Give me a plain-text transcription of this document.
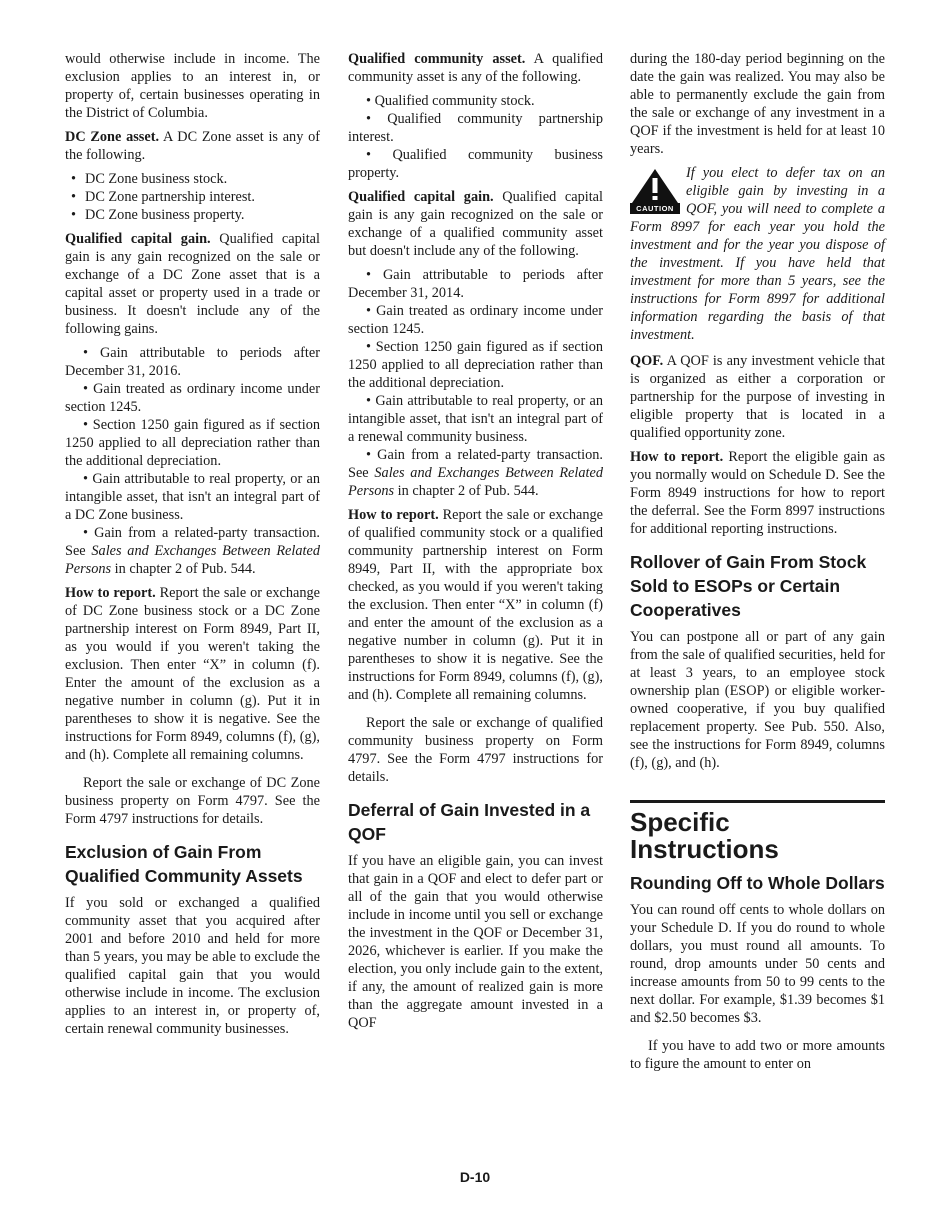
would otherwise include in income. The exclusion applies to an interest in, or property of, certain businesses operating in the District of Columbia.

DC Zone asset. A DC Zone asset is any of the following.

• DC Zone business stock.
• DC Zone partnership interest.
• DC Zone business property.

Qualified capital gain. Qualified capital gain is any gain recognized on the sale or exchange of a DC Zone asset that is a capital asset or property used in a trade or business. It doesn't include any of the following gains.

• Gain attributable to periods after December 31, 2016.
• Gain treated as ordinary income under section 1245.
• Section 1250 gain figured as if section 1250 applied to all depreciation rather than the additional depreciation.
• Gain attributable to real property, or an intangible asset, that isn't an integral part of a DC Zone business.
• Gain from a related-party transaction. See Sales and Exchanges Between Related Persons in chapter 2 of Pub. 544.

How to report. Report the sale or exchange of DC Zone business stock or a DC Zone partnership interest on Form 8949, Part II, as you would if you weren't taking the exclusion. Then enter “X” in column (f). Enter the amount of the exclusion as a negative number in column (g). Put it in parentheses to show it is negative. See the instructions for Form 8949, columns (f), (g), and (h). Complete all remaining columns.

Report the sale or exchange of DC Zone business property on Form 4797. See the Form 4797 instructions for details.

Exclusion of Gain From Qualified Community Assets

If you sold or exchanged a qualified community asset that you acquired after 2001 and before 2010 and held for more than 5 years, you may be able to exclude the qualified capital gain that you would otherwise include in income. The exclusion applies to an interest in, or property of, certain renewal community businesses.

Qualified community asset. A qualified community asset is any of the following.

• Qualified community stock.
• Qualified community partnership interest.
• Qualified community business property.

Qualified capital gain. Qualified capital gain is any gain recognized on the sale or exchange of a qualified community asset but doesn't include any of the following.

• Gain attributable to periods after December 31, 2014.
• Gain treated as ordinary income under section 1245.
• Section 1250 gain figured as if section 1250 applied to all depreciation rather than the additional depreciation.
• Gain attributable to real property, or an intangible asset, that isn't an integral part of a renewal community business.
• Gain from a related-party transaction. See Sales and Exchanges Between Related Persons in chapter 2 of Pub. 544.

How to report. Report the sale or exchange of qualified community stock or a qualified community partnership interest on Form 8949, Part II, with the appropriate box checked, as you would if you weren't taking the exclusion. Then enter “X” in column (f) and enter the amount of the exclusion as a negative number in column (g). Put it in parentheses to show it is negative. See the instructions for Form 8949, columns (f), (g), and (h). Complete all remaining columns.

Report the sale or exchange of qualified community business property on Form 4797. See the Form 4797 instructions for details.

Deferral of Gain Invested in a QOF

If you have an eligible gain, you can invest that gain in a QOF and elect to defer part or all of the gain that you would otherwise include in income until you sell or exchange the investment in the QOF or December 31, 2026, whichever is earlier. If you make the election, you only include gain to the extent, if any, the amount of realized gain is more than the aggregate amount invested in a QOF

during the 180-day period beginning on the date the gain was realized. You may also be able to permanently exclude the gain from the sale or exchange of any investment in a QOF if the investment is held for at least 10 years.

CAUTION
If you elect to defer tax on an eligible gain by investing in a QOF, you will need to complete a Form 8997 for each year you hold the investment and for the year you dispose of the investment. If you have held that investment for more than 5 years, see the instructions for Form 8997 for additional information regarding the basis of that investment.

QOF. A QOF is any investment vehicle that is organized as either a corporation or partnership for the purpose of investing in eligible property that is located in a qualified opportunity zone.

How to report. Report the eligible gain as you normally would on Schedule D. See the Form 8949 instructions for how to report the deferral. See the Form 8997 instructions for additional reporting instructions.

Rollover of Gain From Stock Sold to ESOPs or Certain Cooperatives

You can postpone all or part of any gain from the sale of qualified securities, held for at least 3 years, to an employee stock ownership plan (ESOP) or eligible worker-owned cooperative, if you buy qualified replacement property. See Pub. 550. Also, see the instructions for Form 8949, columns (f), (g), and (h).

Specific Instructions
Rounding Off to Whole Dollars

You can round off cents to whole dollars on your Schedule D. If you do round to whole dollars, you must round all amounts. To round, drop amounts under 50 cents and increase amounts from 50 to 99 cents to the next dollar. For example, $1.39 becomes $1 and $2.50 becomes $3.

If you have to add two or more amounts to figure the amount to enter on

D-10
